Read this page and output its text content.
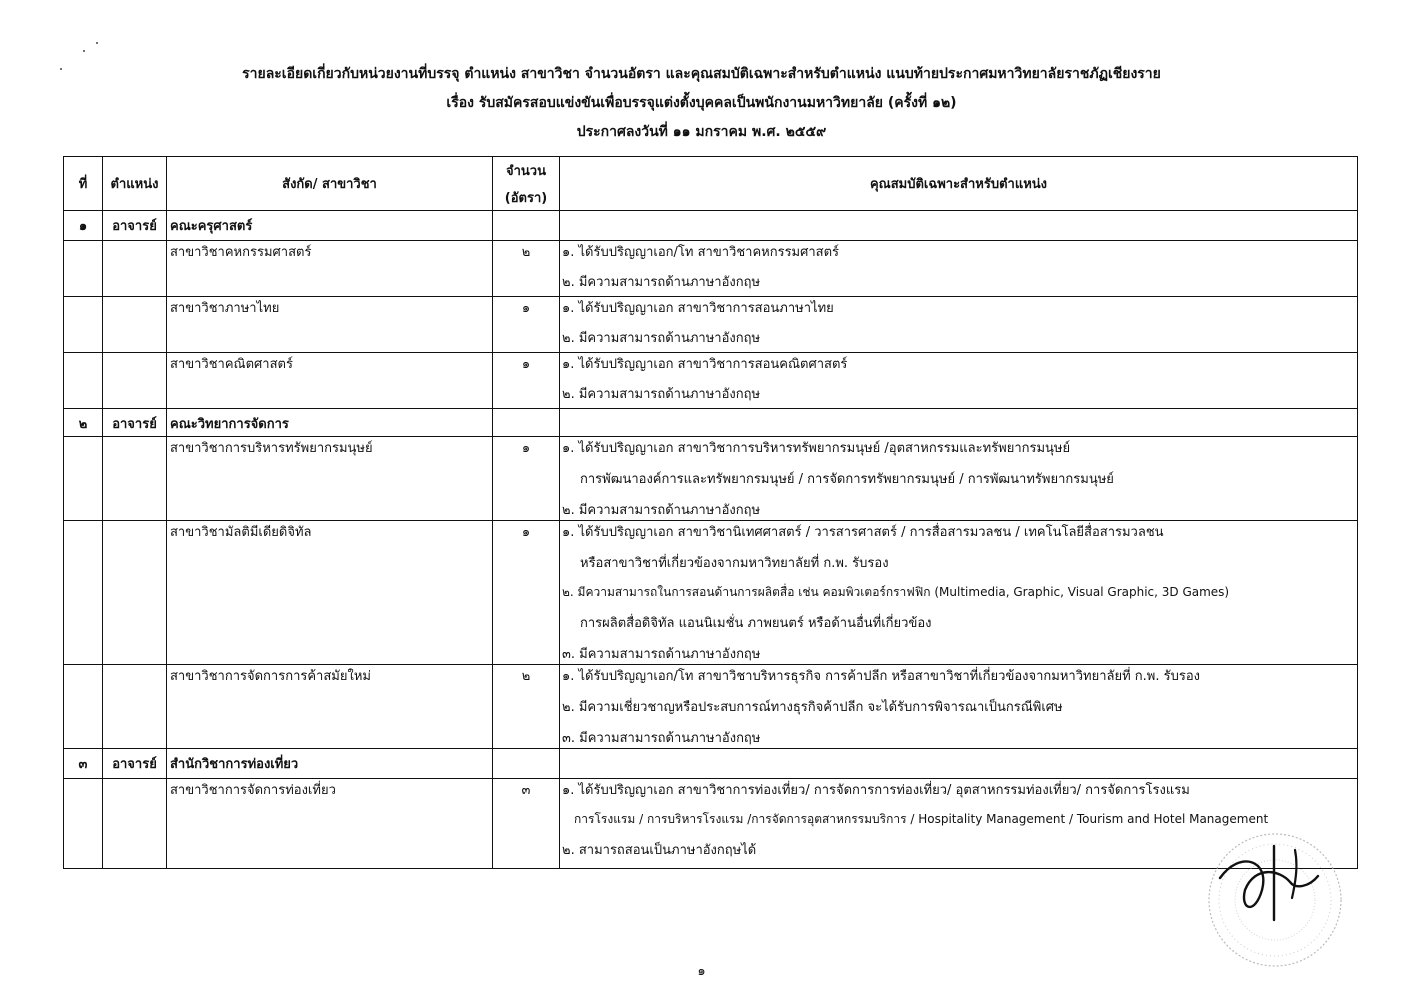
รายละเอียดเกี่ยวกับหน่วยงานที่บรรจุ ตำแหน่ง สาขาวิชา จำนวนอัตรา และคุณสมบัติเฉพาะสำหรับตำแหน่ง แนบท้ายประกาศมหาวิทยาลัยราชภัฏเชียงราย
เรื่อง รับสมัครสอบแข่งขันเพื่อบรรจุแต่งตั้งบุคคลเป็นพนักงานมหาวิทยาลัย (ครั้งที่ ๑๒)
ประกาศลงวันที่ ๑๑ มกราคม พ.ศ. ๒๕๕๙
ที่	ตำแหน่ง	สังกัด/ สาขาวิชา	จำนวน
(อัตรา)	คุณสมบัติเฉพาะสำหรับตำแหน่ง
๑	อาจารย์	คณะครุศาสตร์		
		สาขาวิชาคหกรรมศาสตร์	๒	๑. ได้รับปริญญาเอก/โท สาขาวิชาคหกรรมศาสตร์
๒. มีความสามารถด้านภาษาอังกฤษ

		สาขาวิชาภาษาไทย	๑	๑. ได้รับปริญญาเอก สาขาวิชาการสอนภาษาไทย
๒. มีความสามารถด้านภาษาอังกฤษ

		สาขาวิชาคณิตศาสตร์	๑	๑. ได้รับปริญญาเอก สาขาวิชาการสอนคณิตศาสตร์
๒. มีความสามารถด้านภาษาอังกฤษ

๒	อาจารย์	คณะวิทยาการจัดการ		
		สาขาวิชาการบริหารทรัพยากรมนุษย์	๑	๑. ได้รับปริญญาเอก สาขาวิชาการบริหารทรัพยากรมนุษย์ /อุตสาหกรรมและทรัพยากรมนุษย์
การพัฒนาองค์การและทรัพยากรมนุษย์ / การจัดการทรัพยากรมนุษย์ / การพัฒนาทรัพยากรมนุษย์
๒. มีความสามารถด้านภาษาอังกฤษ

		สาขาวิชามัลติมีเดียดิจิทัล	๑	๑. ได้รับปริญญาเอก สาขาวิชานิเทศศาสตร์ / วารสารศาสตร์ / การสื่อสารมวลชน / เทคโนโลยีสื่อสารมวลชน
หรือสาขาวิชาที่เกี่ยวข้องจากมหาวิทยาลัยที่ ก.พ. รับรอง
๒. มีความสามารถในการสอนด้านการผลิตสื่อ เช่น คอมพิวเตอร์กราฟฟิก (Multimedia, Graphic, Visual Graphic, 3D Games)
การผลิตสื่อดิจิทัล แอนนิเมชั่น ภาพยนตร์ หรือด้านอื่นที่เกี่ยวข้อง
๓. มีความสามารถด้านภาษาอังกฤษ

		สาขาวิชาการจัดการการค้าสมัยใหม่	๒	๑. ได้รับปริญญาเอก/โท สาขาวิชาบริหารธุรกิจ การค้าปลีก หรือสาขาวิชาที่เกี่ยวข้องจากมหาวิทยาลัยที่ ก.พ. รับรอง
๒. มีความเชี่ยวชาญหรือประสบการณ์ทางธุรกิจค้าปลีก จะได้รับการพิจารณาเป็นกรณีพิเศษ
๓. มีความสามารถด้านภาษาอังกฤษ

๓	อาจารย์	สำนักวิชาการท่องเที่ยว		
		สาขาวิชาการจัดการท่องเที่ยว	๓	๑. ได้รับปริญญาเอก สาขาวิชาการท่องเที่ยว/ การจัดการการท่องเที่ยว/ อุตสาหกรรมท่องเที่ยว/ การจัดการโรงแรม
การโรงแรม / การบริหารโรงแรม /การจัดการอุตสาหกรรมบริการ / Hospitality Management / Tourism and Hotel Management
๒. สามารถสอนเป็นภาษาอังกฤษได้
๑
